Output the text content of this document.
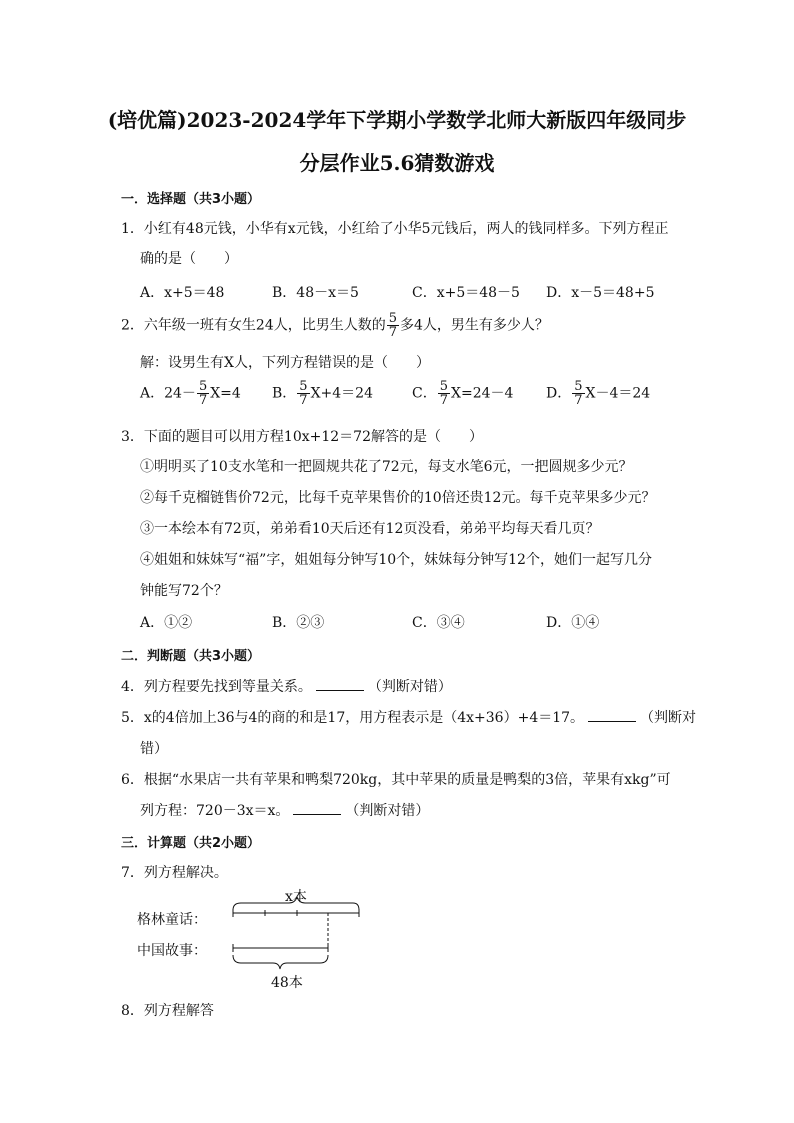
(培优篇)2023-2024学年下学期小学数学北师大新版四年级同步
分层作业5.6猜数游戏
一．选择题（共3小题）
1．小红有48元钱，小华有x元钱，小红给了小华5元钱后，两人的钱同样多。下列方程正
确的是（　　）
A．x+5＝48	B．48－x＝5	C．x+5＝48－5 D．x－5＝48+5
2．六年级一班有女生24人，比男生人数的 $\frac{5}{7}$ 多4人，男生有多少人？
解：设男生有X人，下列方程错误的是（　　）
A．$24- \frac{5}{7} X=4$ B． $\frac{5}{7} X+4=24$	C． $\frac{5}{7} X=24-4$ D． $\frac{5}{7} X-4=24$
3．下面的题目可以用方程10x+12＝72解答的是（　　）
①明明买了10支水笔和一把圆规共花了72元，每支水笔6元，一把圆规多少元？
②每千克榴链售价72元，比每千克苹果售价的10倍还贵12元。每千克苹果多少元？
③一本绘本有72页，弟弟看10天后还有12页没看，弟弟平均每天看几页？
④姐姐和妹妹写“福”字，姐姐每分钟写10个，妹妹每分钟写12个，她们一起写几分
钟能写72个？
A．①②	B．②③	C．③④	D．①④
二．判断题（共3小题）
4．列方程要先找到等量关系。	（判断对错）
5．x的4倍加上36与4的商的和是17，用方程表示是（4x+36）+4＝17。	（判断对
错）
6．根据“水果店一共有苹果和鸭梨720kg，其中苹果的质量是鸭梨的3倍，苹果有xkg”可
列方程：720－3x＝x。	（判断对错）
三．计算题（共2小题）
7．列方程解决。
x本
格林童话：
中国故事：
48本
8．列方程解答
